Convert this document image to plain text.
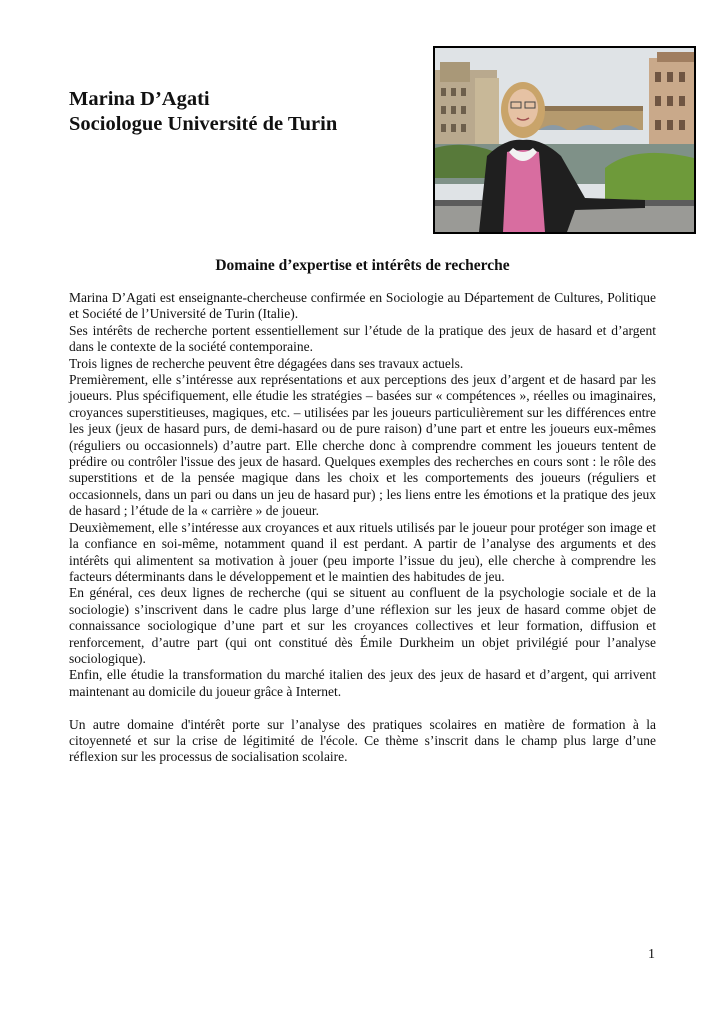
Marina D’Agati
Sociologue Université de Turin
Domaine d’expertise et intérêts de recherche

Marina D’Agati est enseignante-chercheuse confirmée en Sociologie au Département de Cultures, Politique et Société de l’Université de Turin (Italie).

Ses intérêts de recherche portent essentiellement sur l’étude de la pratique des jeux de hasard et d’argent dans le contexte de la société contemporaine.

Trois lignes de recherche peuvent être dégagées dans ses travaux actuels.

Premièrement, elle s’intéresse aux représentations et aux perceptions des jeux d’argent et de hasard par les joueurs. Plus spécifiquement, elle étudie les stratégies – basées sur « compétences », réelles ou imaginaires, croyances superstitieuses, magiques, etc. – utilisées par les joueurs particulièrement sur les différences entre les jeux (jeux de hasard purs, de demi-hasard ou de pure raison) d’une part et entre les joueurs eux-mêmes (réguliers ou occasionnels) d’autre part. Elle cherche donc à comprendre comment les joueurs tentent de prédire ou contrôler l'issue des jeux de hasard. Quelques exemples des recherches en cours sont : le rôle des superstitions et de la pensée magique dans les choix et les comportements des joueurs (réguliers et occasionnels, dans un pari ou dans un jeu de hasard pur) ; les liens entre les émotions et la pratique des jeux de hasard ; l’étude de la « carrière » de joueur.

Deuxièmement, elle s’intéresse aux croyances et aux rituels utilisés par le joueur pour protéger son image et la confiance en soi-même, notamment quand il est perdant. A partir de l’analyse des arguments et des intérêts qui alimentent sa motivation à jouer (peu importe l’issue du jeu), elle cherche à comprendre les facteurs déterminants dans le développement et le maintien des habitudes de jeu.

En général, ces deux lignes de recherche (qui se situent au confluent de la psychologie sociale et de la sociologie) s’inscrivent dans le cadre plus large d’une réflexion sur les jeux de hasard comme objet de connaissance sociologique d’une part et sur les croyances collectives et leur formation, diffusion et renforcement, d’autre part (qui ont constitué dès Émile Durkheim un objet privilégié pour l’analyse sociologique).

Enfin, elle étudie la transformation du marché italien des jeux des jeux de hasard et d’argent, qui arrivent maintenant au domicile du joueur grâce à Internet.

Un autre domaine d'intérêt porte sur l’analyse des pratiques scolaires en matière de formation à la citoyenneté et sur la crise de légitimité de l'école. Ce thème s’inscrit dans le champ plus large d’une réflexion sur les processus de socialisation scolaire.

1
